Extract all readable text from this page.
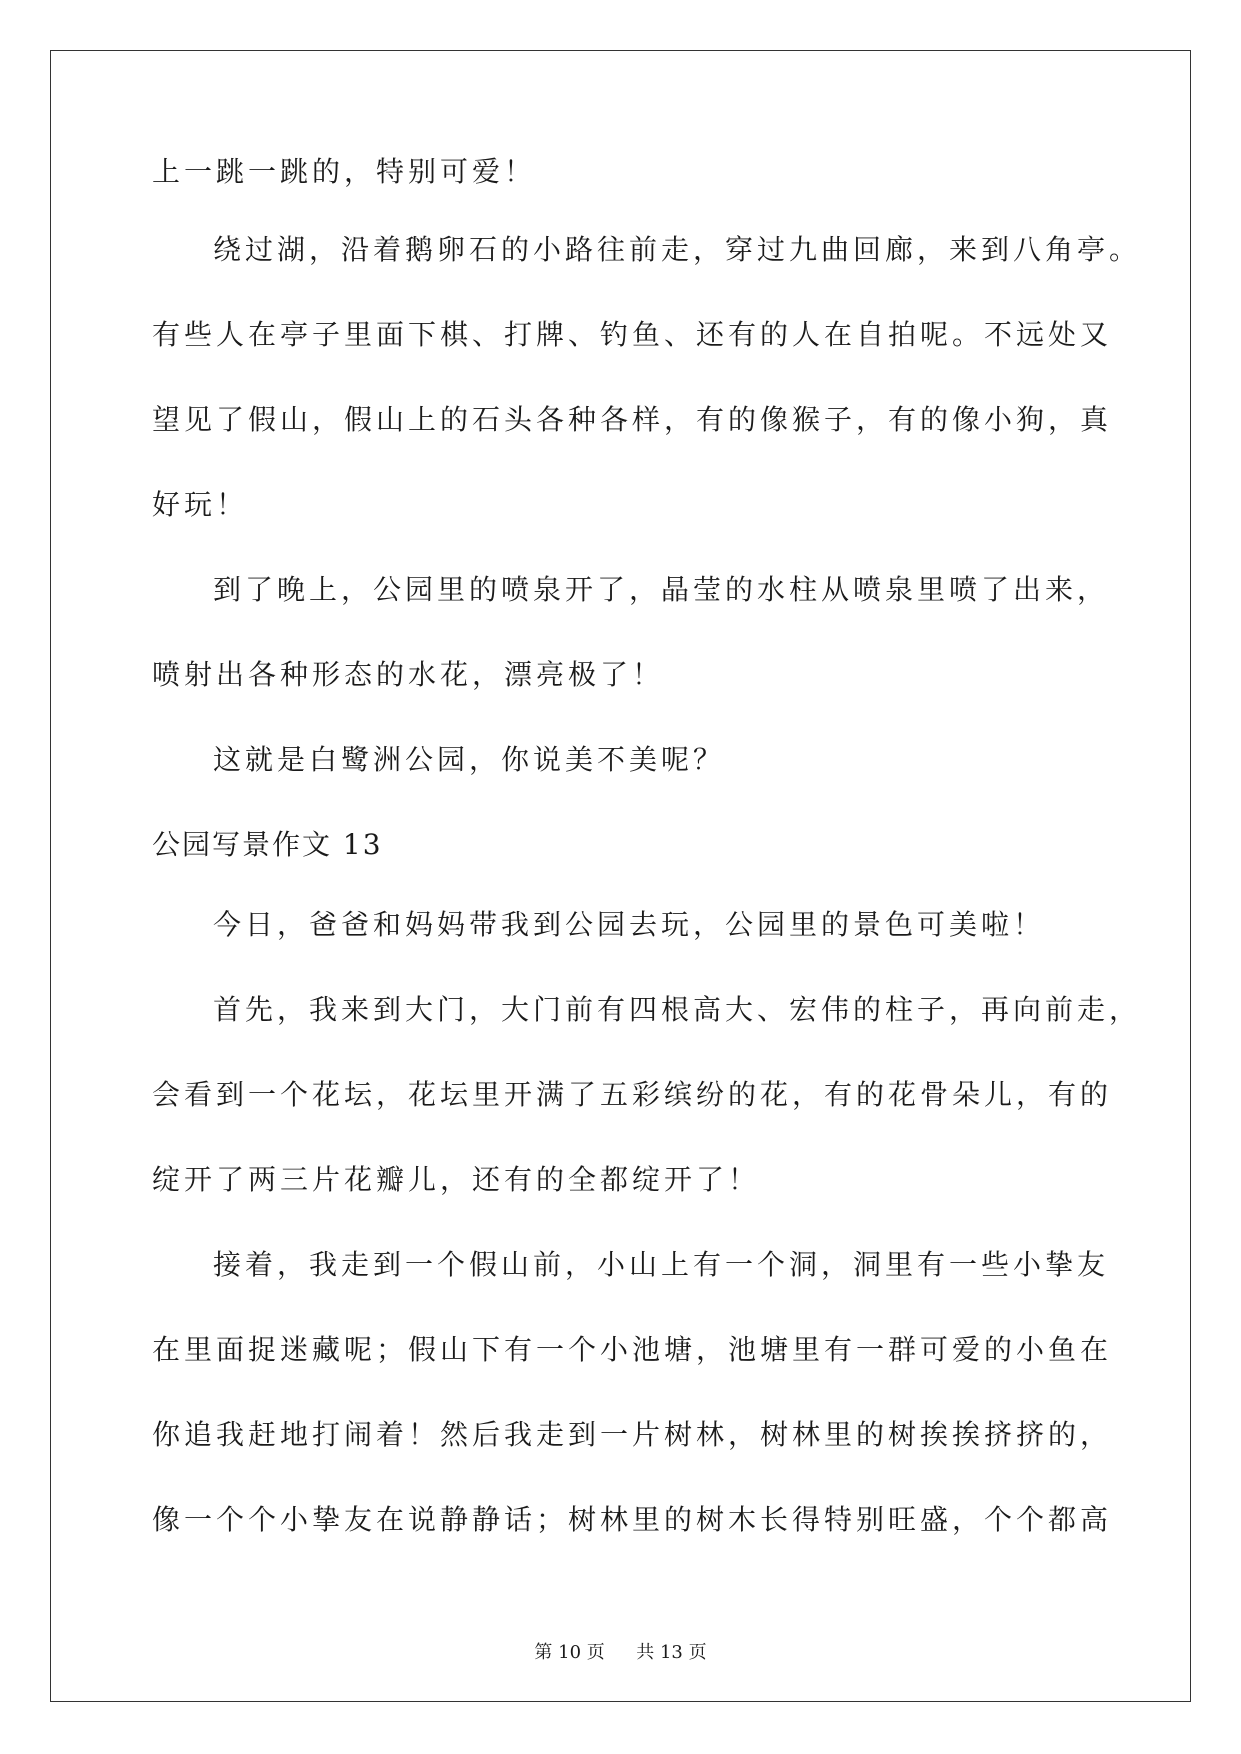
上一跳一跳的，特别可爱！
绕过湖，沿着鹅卵石的小路往前走，穿过九曲回廊，来到八角亭。
有些人在亭子里面下棋、打牌、钓鱼、还有的人在自拍呢。不远处又
望见了假山，假山上的石头各种各样，有的像猴子，有的像小狗，真
好玩！
到了晚上，公园里的喷泉开了，晶莹的水柱从喷泉里喷了出来，
喷射出各种形态的水花，漂亮极了！
这就是白鹭洲公园，你说美不美呢？
公园写景作文 13
今日，爸爸和妈妈带我到公园去玩，公园里的景色可美啦！
首先，我来到大门，大门前有四根高大、宏伟的柱子，再向前走，
会看到一个花坛，花坛里开满了五彩缤纷的花，有的花骨朵儿，有的
绽开了两三片花瓣儿，还有的全都绽开了！
接着，我走到一个假山前，小山上有一个洞，洞里有一些小挚友
在里面捉迷藏呢；假山下有一个小池塘，池塘里有一群可爱的小鱼在
你追我赶地打闹着！然后我走到一片树林，树林里的树挨挨挤挤的，
像一个个小挚友在说静静话；树林里的树木长得特别旺盛，个个都高
第 10 页 共 13 页
